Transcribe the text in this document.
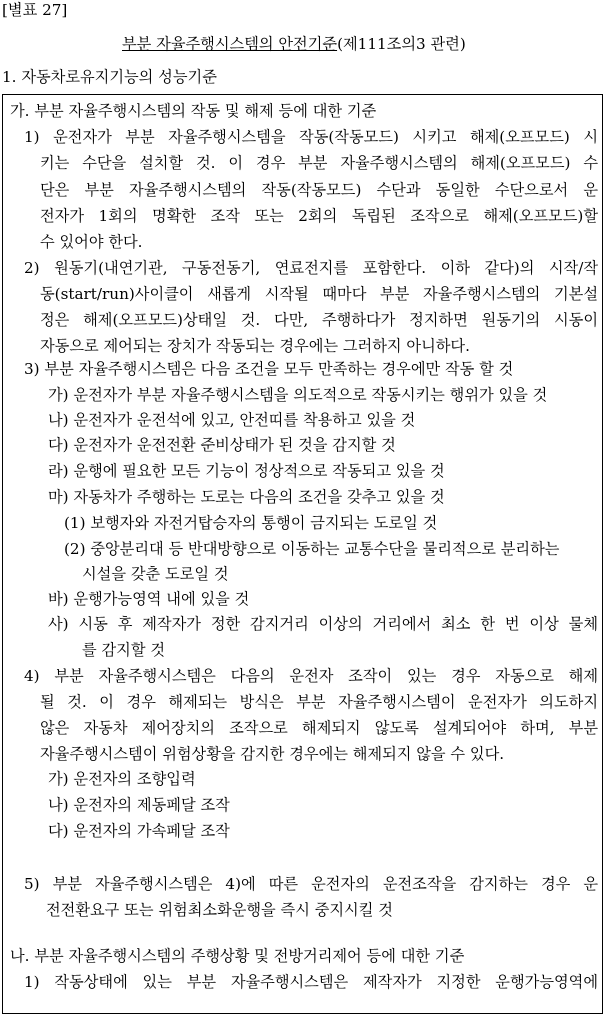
[별표 27]
부분 자율주행시스템의 안전기준(제111조의3 관련)
1. 자동차로유지기능의 성능기준
가. 부분 자율주행시스템의 작동 및 해제 등에 대한 기준
1) 운전자가 부분 자율주행시스템을 작동(작동모드) 시키고 해제(오프모드) 시
키는 수단을 설치할 것. 이 경우 부분 자율주행시스템의 해제(오프모드) 수
단은 부분 자율주행시스템의 작동(작동모드) 수단과 동일한 수단으로서 운
전자가 1회의 명확한 조작 또는 2회의 독립된 조작으로 해제(오프모드)할
수 있어야 한다.
2) 원동기(내연기관, 구동전동기, 연료전지를 포함한다. 이하 같다)의 시작/작
동(start/run)사이클이 새롭게 시작될 때마다 부분 자율주행시스템의 기본설
정은 해제(오프모드)상태일 것. 다만, 주행하다가 정지하면 원동기의 시동이
자동으로 제어되는 장치가 작동되는 경우에는 그러하지 아니하다.
3) 부분 자율주행시스템은 다음 조건을 모두 만족하는 경우에만 작동 할 것
가) 운전자가 부분 자율주행시스템을 의도적으로 작동시키는 행위가 있을 것
나) 운전자가 운전석에 있고, 안전띠를 착용하고 있을 것
다) 운전자가 운전전환 준비상태가 된 것을 감지할 것
라) 운행에 필요한 모든 기능이 정상적으로 작동되고 있을 것
마) 자동차가 주행하는 도로는 다음의 조건을 갖추고 있을 것
(1) 보행자와 자전거탑승자의 통행이 금지되는 도로일 것
(2) 중앙분리대 등 반대방향으로 이동하는 교통수단을 물리적으로 분리하는
시설을 갖춘 도로일 것
바) 운행가능영역 내에 있을 것
사) 시동 후 제작자가 정한 감지거리 이상의 거리에서 최소 한 번 이상 물체
를 감지할 것
4) 부분 자율주행시스템은 다음의 운전자 조작이 있는 경우 자동으로 해제
될 것. 이 경우 해제되는 방식은 부분 자율주행시스템이 운전자가 의도하지
않은 자동차 제어장치의 조작으로 해제되지 않도록 설계되어야 하며, 부분
자율주행시스템이 위험상황을 감지한 경우에는 해제되지 않을 수 있다.
가) 운전자의 조향입력
나) 운전자의 제동페달 조작
다) 운전자의 가속페달 조작
5) 부분 자율주행시스템은 4)에 따른 운전자의 운전조작을 감지하는 경우 운
전전환요구 또는 위험최소화운행을 즉시 중지시킬 것
나. 부분 자율주행시스템의 주행상황 및 전방거리제어 등에 대한 기준
1) 작동상태에 있는 부분 자율주행시스템은 제작자가 지정한 운행가능영역에
